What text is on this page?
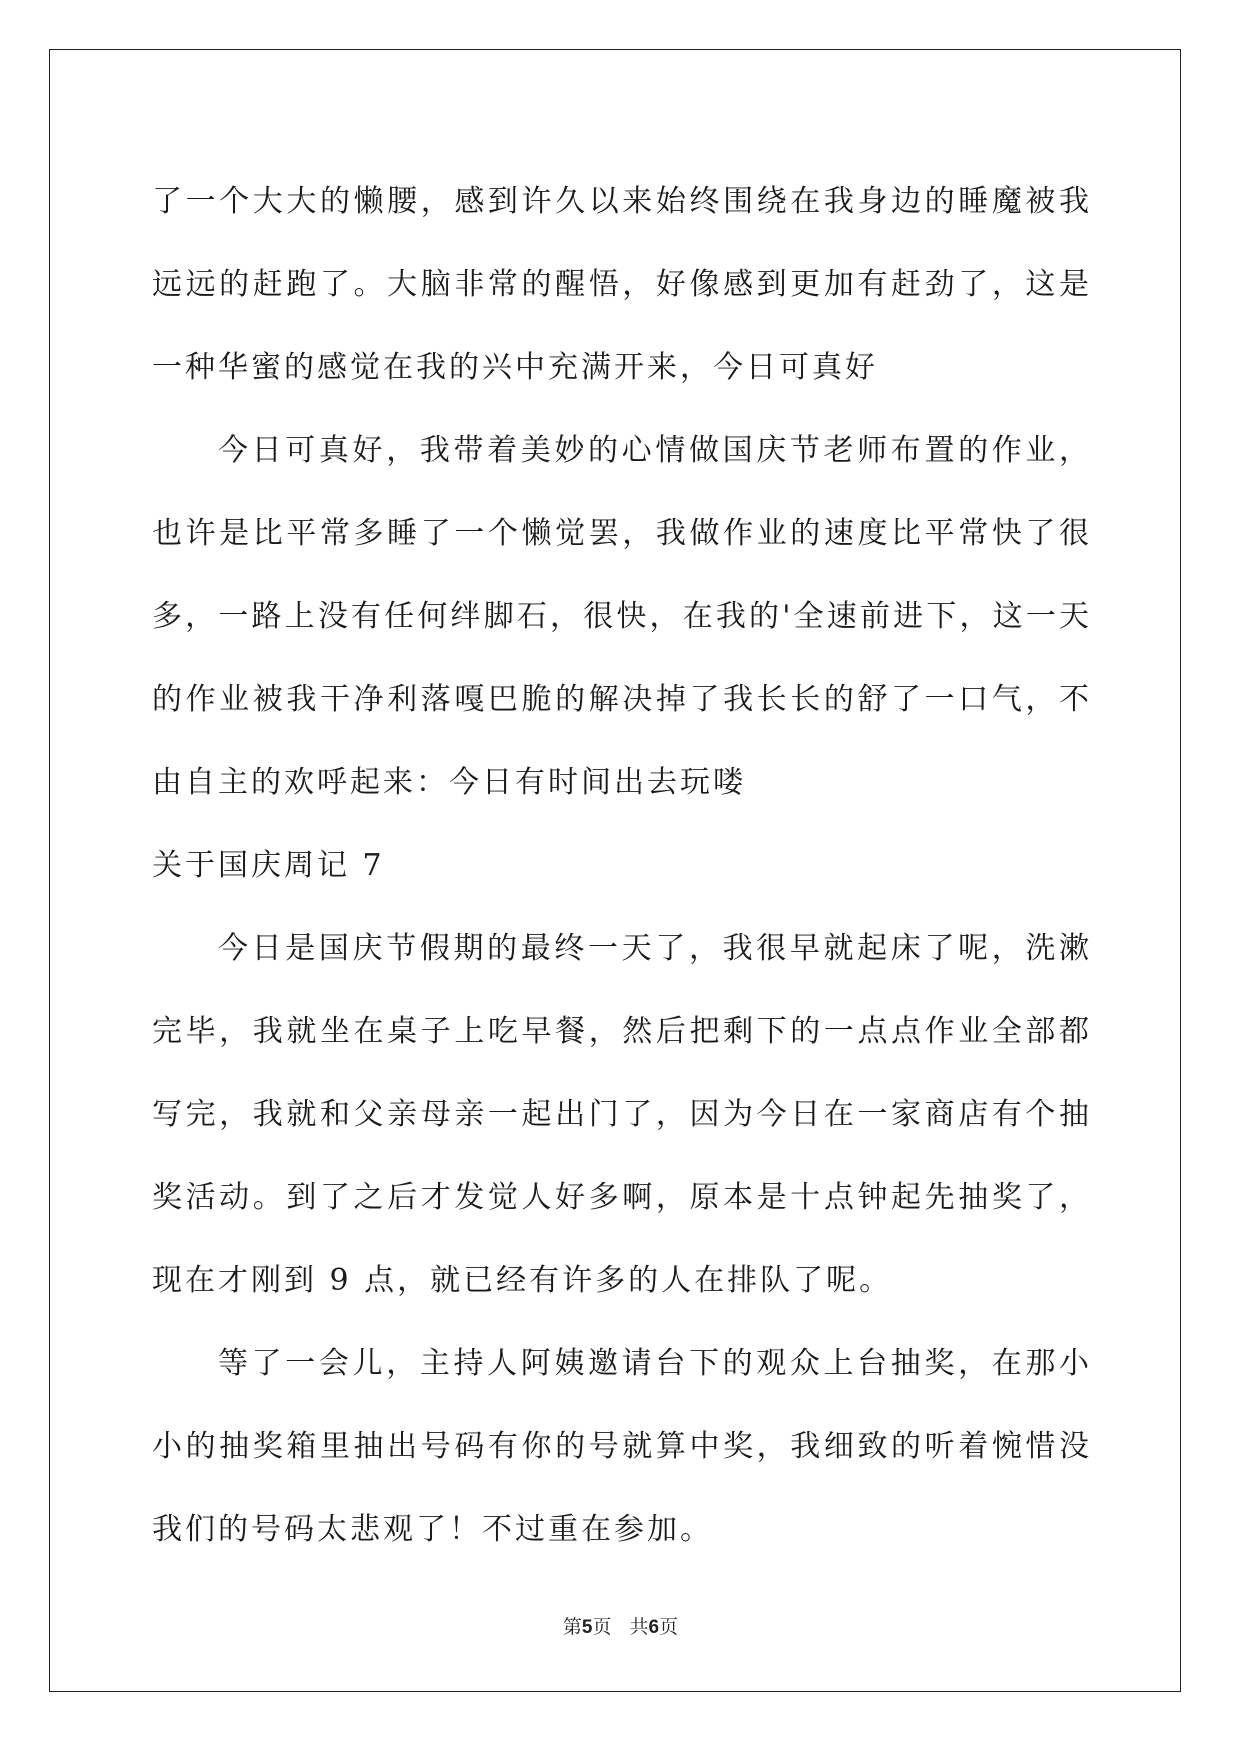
了一个大大的懒腰，感到许久以来始终围绕在我身边的睡魔被我远远的赶跑了。大脑非常的醒悟，好像感到更加有赶劲了，这是一种华蜜的感觉在我的兴中充满开来，今日可真好

今日可真好，我带着美妙的心情做国庆节老师布置的作业，也许是比平常多睡了一个懒觉罢，我做作业的速度比平常快了很多，一路上没有任何绊脚石，很快，在我的'全速前进下，这一天的作业被我干净利落嘎巴脆的解决掉了我长长的舒了一口气，不由自主的欢呼起来：今日有时间出去玩喽

关于国庆周记 7

今日是国庆节假期的最终一天了，我很早就起床了呢，洗漱完毕，我就坐在桌子上吃早餐，然后把剩下的一点点作业全部都写完，我就和父亲母亲一起出门了，因为今日在一家商店有个抽奖活动。到了之后才发觉人好多啊，原本是十点钟起先抽奖了，现在才刚到 9 点，就已经有许多的人在排队了呢。

等了一会儿，主持人阿姨邀请台下的观众上台抽奖，在那小小的抽奖箱里抽出号码有你的号就算中奖，我细致的听着惋惜没我们的号码太悲观了！不过重在参加。

第5页 共6页
